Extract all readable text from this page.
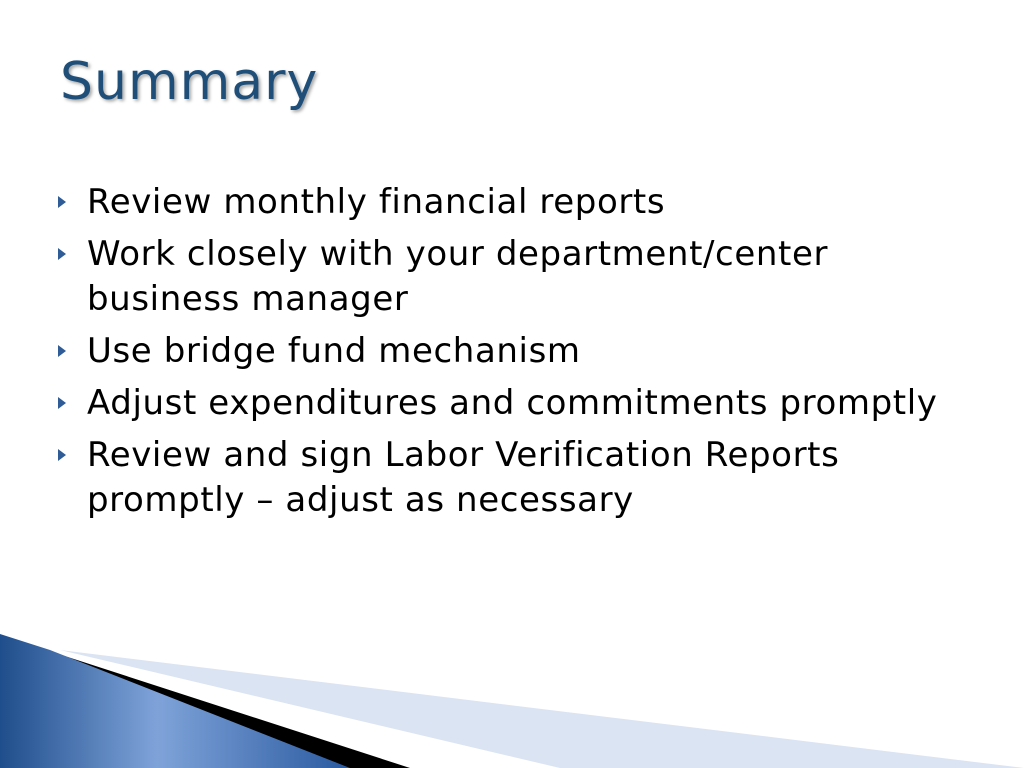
Summary
Review monthly financial reports
Work closely with your department/center business manager
Use bridge fund mechanism
Adjust expenditures and commitments promptly
Review and sign Labor Verification Reports promptly – adjust as necessary
